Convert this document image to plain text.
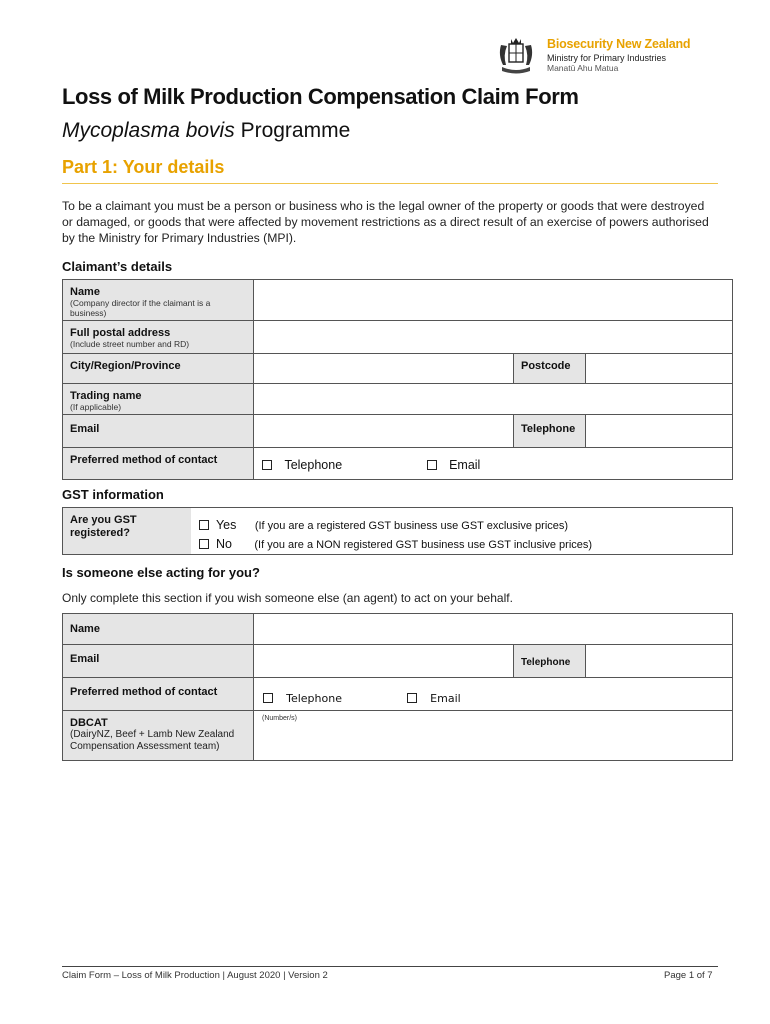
Biosecurity New Zealand
Ministry for Primary Industries
Manatū Ahu Matua
Loss of Milk Production Compensation Claim Form
Mycoplasma bovis Programme
Part 1: Your details
To be a claimant you must be a person or business who is the legal owner of the property or goods that were destroyed or damaged, or goods that were affected by movement restrictions as a direct result of an exercise of powers authorised by the Ministry for Primary Industries (MPI).
Claimant’s details
Name
(Company director if the claimant is a business)			

Full postal address
(Include street number and RD)			

City/Region/Province		Postcode	

Trading name
(If applicable)			

Email		Telephone	

Preferred method of contact	Telephone Email		
GST information
Are you GST registered?

Yes (If you are a registered GST business use GST exclusive prices)
No (If you are a NON registered GST business use GST inclusive prices)
Is someone else acting for you?
Only complete this section if you wish someone else (an agent) to act on your behalf.
Name			

Email		Telephone	

Preferred method of contact	Telephone Email		

DBCAT
(DairyNZ, Beef + Lamb New Zealand Compensation Assessment team)	(Number/s)		
Claim Form – Loss of Milk Production | August 2020 | Version 2	Page 1 of 7
